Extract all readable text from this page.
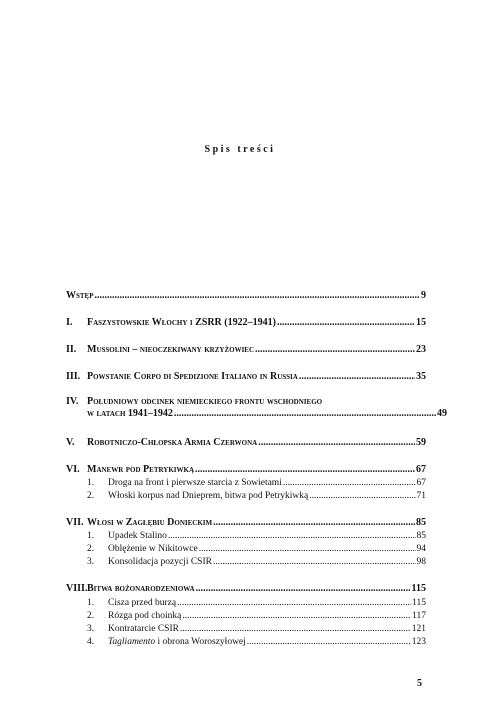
Spis treści
Wstęp .....	9
I.	Faszystowskie Włochy i ZSRR (1922–1941) .....	15
II.	Mussolini – nieoczekiwany krzyżowiec .....	23
III. Powstanie Corpo di Spedizione Italiano in Russia .....	35
IV. Południowy odcinek niemieckiego frontu wschodniego
w latach 1941–1942 .....	49
V.	Robotniczo-Chłopska Armia Czerwona .....	59
VI. Manewr pod Petrykiwką .....	67
1.	Droga na front i pierwsze starcia z Sowietami .....	67
2.	Włoski korpus nad Dnieprem, bitwa pod Petrykiwką .....	71
VII. Włosi w Zagłębiu Donieckim .....	85
1.	Upadek Stalino .....	85
2.	Oblężenie w Nikitowce .....	94
3.	Konsolidacja pozycji CSIR .....	98
VIII. Bitwa bożonarodzeniowa .....	115
1.	Cisza przed burzą .....	115
2.	Rózga pod choinką .....	117
3.	Kontratarcie CSIR .....	121
4.	Tagliamento i obrona Woroszyłowej .....	123
5
